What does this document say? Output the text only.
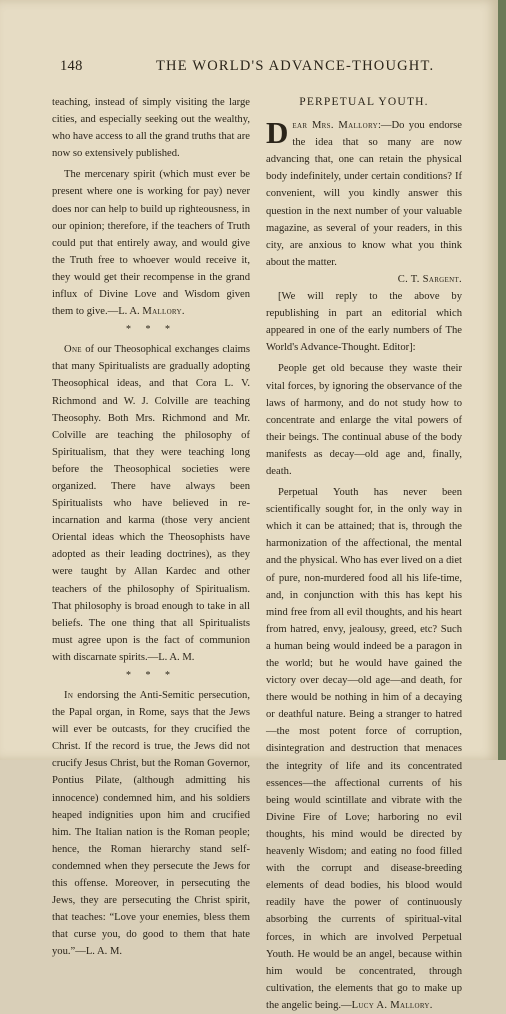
148	THE WORLD'S ADVANCE-THOUGHT.

teaching, instead of simply visiting the large cities, and especially seeking out the wealthy, who have access to all the grand truths that are now so extensively published.

The mercenary spirit (which must ever be present where one is working for pay) never does nor can help to build up righteousness, in our opinion; therefore, if the teachers of Truth could put that entirely away, and would give the Truth free to whoever would receive it, they would get their recompense in the grand influx of Divine Love and Wisdom given them to give.—L. A. Mallory.

* * *

One of our Theosophical exchanges claims that many Spiritualists are gradually adopting Theosophical ideas, and that Cora L. V. Richmond and W. J. Colville are teaching Theosophy. Both Mrs. Richmond and Mr. Colville are teaching the philosophy of Spiritualism, that they were teaching long before the Theosophical societies were organized. There have always been Spiritualists who have believed in re-incarnation and karma (those very ancient Oriental ideas which the Theosophists have adopted as their leading doctrines), as they were taught by Allan Kardec and other teachers of the philosophy of Spiritualism. That philosophy is broad enough to take in all beliefs. The one thing that all Spiritualists must agree upon is the fact of communion with discarnate spirits.—L. A. M.

* * *

In endorsing the Anti-Semitic persecution, the Papal organ, in Rome, says that the Jews will ever be outcasts, for they crucified the Christ. If the record is true, the Jews did not crucify Jesus Christ, but the Roman Governor, Pontius Pilate, (although admitting his innocence) condemned him, and his soldiers heaped indignities upon him and crucified him. The Italian nation is the Roman people; hence, the Roman hierarchy stand self-condemned when they persecute the Jews for this offense. Moreover, in persecuting the Jews, they are persecuting the Christ spirit, that teaches: “Love your enemies, bless them that curse you, do good to them that hate you.”—L. A. M.

PERPETUAL YOUTH.

Dear Mrs. Mallory:—Do you endorse the idea that so many are now advancing that, one can retain the physical body indefinitely, under certain conditions? If convenient, will you kindly answer this question in the next number of your valuable magazine, as several of your readers, in this city, are anxious to know what you think about the matter.

C. T. Sargent.

[We will reply to the above by republishing in part an editorial which appeared in one of the early numbers of The World's Advance-Thought. Editor]:

People get old because they waste their vital forces, by ignoring the observance of the laws of harmony, and do not study how to concentrate and enlarge the vital powers of their beings. The continual abuse of the body manifests as decay—old age and, finally, death.

Perpetual Youth has never been scientifically sought for, in the only way in which it can be attained; that is, through the harmonization of the affectional, the mental and the physical. Who has ever lived on a diet of pure, non-murdered food all his life-time, and, in conjunction with this has kept his mind free from all evil thoughts, and his heart from hatred, envy, jealousy, greed, etc? Such a human being would indeed be a paragon in the world; but he would have gained the victory over decay—old age—and death, for there would be nothing in him of a decaying or deathful nature. Being a stranger to hatred—the most potent force of corruption, disintegration and destruction that menaces the integrity of life and its concentrated essences—the affectional currents of his being would scintillate and vibrate with the Divine Fire of Love; harboring no evil thoughts, his mind would be directed by heavenly Wisdom; and eating no food filled with the corrupt and disease-breeding elements of dead bodies, his blood would readily have the power of continuously absorbing the currents of spiritual-vital forces, in which are involved Perpetual Youth. He would be an angel, because within him would be concentrated, through cultivation, the elements that go to make up the angelic being.—Lucy A. Mallory.
